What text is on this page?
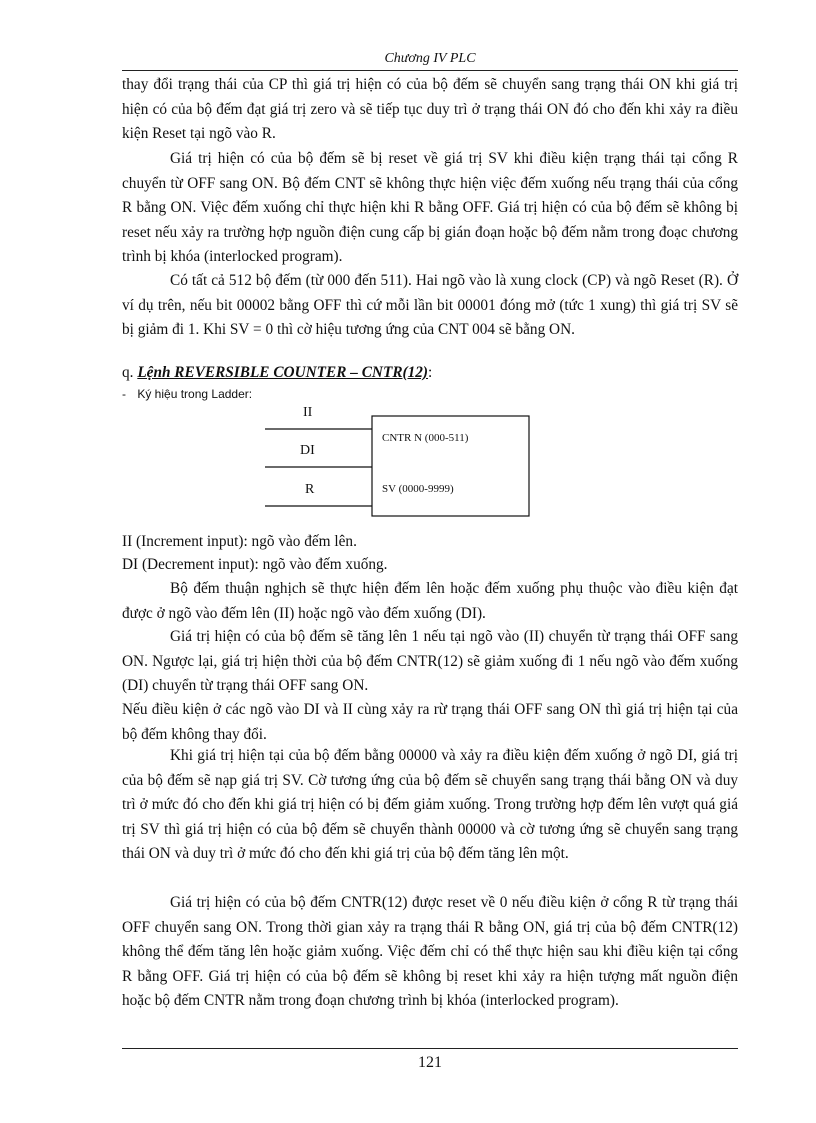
Chương IV PLC

thay đổi trạng thái của CP thì giá trị hiện có của bộ đếm sẽ chuyển sang trạng thái ON khi giá trị hiện có của bộ đếm đạt giá trị zero và sẽ tiếp tục duy trì ở trạng thái ON đó cho đến khi xảy ra điều kiện Reset tại ngõ vào R.

Giá trị hiện có của bộ đếm sẽ bị reset về giá trị SV khi điều kiện trạng thái tại cổng R chuyển từ OFF sang ON. Bộ đếm CNT sẽ không thực hiện việc đếm xuống nếu trạng thái của cổng R bằng ON. Việc đếm xuống chỉ thực hiện khi R bằng OFF. Giá trị hiện có của bộ đếm sẽ không bị reset nếu xảy ra trường hợp nguồn điện cung cấp bị gián đoạn hoặc bộ đếm nằm trong đoạc chương trình bị khóa (interlocked program).

Có tất cả 512 bộ đếm (từ 000 đến 511). Hai ngõ vào là xung clock (CP) và ngõ Reset (R). Ở ví dụ trên, nếu bit 00002 bằng OFF thì cứ mỗi lần bit 00001 đóng mở (tức 1 xung) thì giá trị SV sẽ bị giảm đi 1. Khi SV = 0 thì cờ hiệu tương ứng của CNT 004 sẽ bằng ON.

q. Lệnh REVERSIBLE COUNTER – CNTR(12):
- Ký hiệu trong Ladder:
II
DI
R
CNTR N (000-511)
SV (0000-9999)

II (Increment input): ngõ vào đếm lên.

DI (Decrement input): ngõ vào đếm xuống.

Bộ đếm thuận nghịch sẽ thực hiện đếm lên hoặc đếm xuống phụ thuộc vào điều kiện đạt được ở ngõ vào đếm lên (II) hoặc ngõ vào đếm xuống (DI).

Giá trị hiện có của bộ đếm sẽ tăng lên 1 nếu tại ngõ vào (II) chuyển từ trạng thái OFF sang ON. Ngược lại, giá trị hiện thời của bộ đếm CNTR(12) sẽ giảm xuống đi 1 nếu ngõ vào đếm xuống (DI) chuyển từ trạng thái OFF sang ON.

Nếu điều kiện ở các ngõ vào DI và II cùng xảy ra rừ trạng thái OFF sang ON thì giá trị hiện tại của bộ đếm không thay đổi.

Khi giá trị hiện tại của bộ đếm bằng 00000 và xảy ra điều kiện đếm xuống ở ngõ DI, giá trị của bộ đếm sẽ nạp giá trị SV. Cờ tương ứng của bộ đếm sẽ chuyển sang trạng thái bằng ON và duy trì ở mức đó cho đến khi giá trị hiện có bị đếm giảm xuống. Trong trường hợp đếm lên vượt quá giá trị SV thì giá trị hiện có của bộ đếm sẽ chuyển thành 00000 và cờ tương ứng sẽ chuyển sang trạng thái ON và duy trì ở mức đó cho đến khi giá trị của bộ đếm tăng lên một.

Giá trị hiện có của bộ đếm CNTR(12) được reset về 0 nếu điều kiện ở cổng R từ trạng thái OFF chuyển sang ON. Trong thời gian xảy ra trạng thái R bằng ON, giá trị của bộ đếm CNTR(12) không thể đếm tăng lên hoặc giảm xuống. Việc đếm chỉ có thể thực hiện sau khi điều kiện tại cổng R bằng OFF. Giá trị hiện có của bộ đếm sẽ không bị reset khi xảy ra hiện tượng mất nguồn điện hoặc bộ đếm CNTR nằm trong đoạn chương trình bị khóa (interlocked program).

121
